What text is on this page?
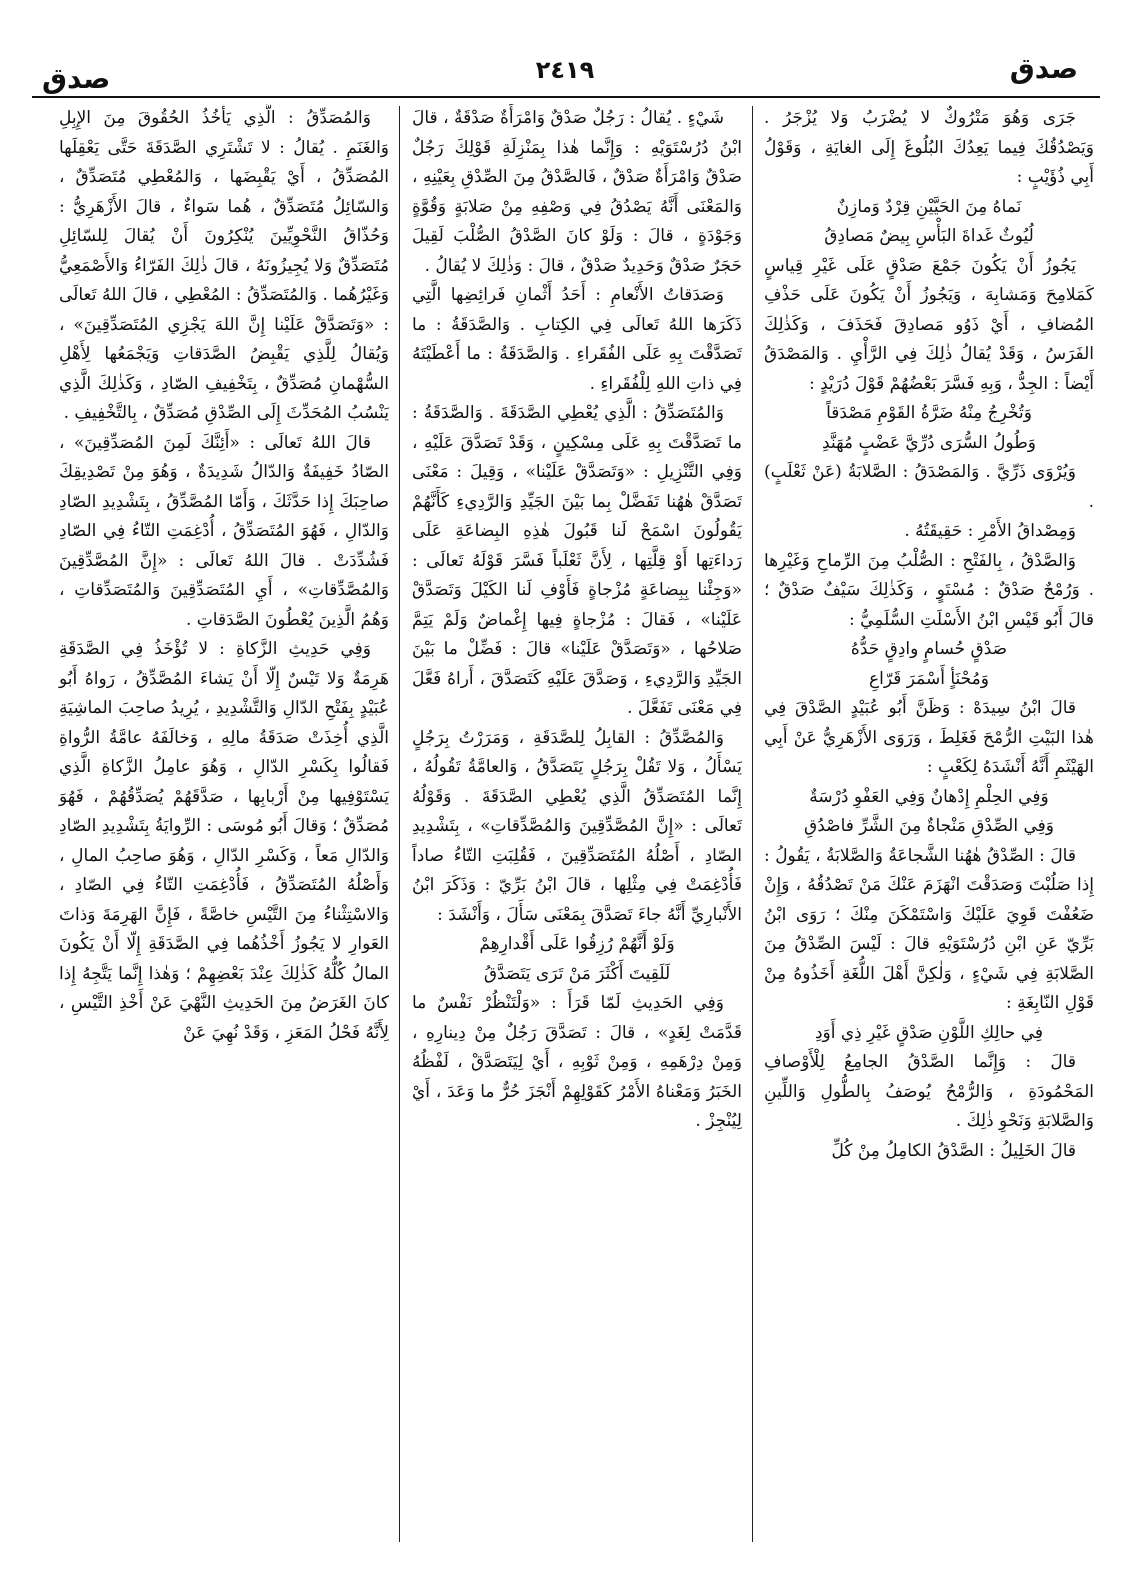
صدق	٢٤١٩	صدق

جَرَى وَهُوَ مَتْرُوكٌ لا يُضْرَبُ وَلا يُزْجَرُ . وَيَصْدُقُكَ فِيما يَعِدُكَ البُلُوغَ إِلَى الغايَةِ ، وَقَوْلُ أَبِي ذُؤَيْبٍ :

نَماهُ مِنَ الحَيَّيْنِ قِرْدٌ وَمازِنٌ

لُيُوثٌ غَداةَ البَأْسِ بِيضٌ مَصادِقُ

يَجُوزُ أَنْ يَكُونَ جَمْعَ صَدْقٍ عَلَى غَيْرِ قِياسٍ كَمَلامِحَ وَمَشابِهَ ، وَيَجُوزُ أَنْ يَكُونَ عَلَى حَذْفِ المُضافِ ، أَيْ ذَوُو مَصادِقَ فَحَذَفَ ، وَكَذٰلِكَ الفَرَسُ ، وَقَدْ يُقالُ ذٰلِكَ فِي الرَّأْيِ . وَالمَصْدَقُ أَيْضاً : الجِدُّ ، وَبِهِ فَسَّرَ بَعْضُهُمْ قَوْلَ دُرَيْدٍ :

وَتُخْرِجُ مِنْهُ ضَرَّةُ القَوْمِ مَصْدَقاً

وَطُولُ السُّرَى دُرِّيَّ عَضْبٍ مُهَنَّدِ

وَيُرْوَى ذَرِّيَّ . وَالمَصْدَقُ : الصَّلابَةُ (عَنْ ثَعْلَبٍ) .

وَمِصْداقُ الأَمْرِ : حَقِيقَتُهُ .

وَالصَّدْقُ ، بِالفَتْحِ : الصُّلْبُ مِنَ الرِّماحِ وَغَيْرِها . وَرُمْحٌ صَدْقٌ : مُسْتَوٍ ، وَكَذٰلِكَ سَيْفٌ صَدْقٌ ؛ قالَ أَبُو قَيْسِ ابْنُ الأَسْلَتِ السُّلَمِيُّ :

صَدْقٍ حُسامٍ وادِقٍ حَدُّهُ

وَمُحْنَأٍ أَسْمَرَ قَرّاعِ

قالَ ابْنُ سِيدَهْ : وَظَنَّ أَبُو عُبَيْدٍ الصَّدْقَ فِي هٰذا البَيْتِ الرُّمْحَ فَغَلِطَ ، وَرَوَى الأَزْهَرِيُّ عَنْ أَبِي الهَيْثَمِ أَنَّهُ أَنْشَدَهُ لِكَعْبٍ :

وَفِي الحِلْمِ إِدْهانٌ وَفِي العَفْوِ دُرْسَةٌ

وَفِي الصِّدْقِ مَنْجاةٌ مِنَ الشَّرِّ فاصْدُقِ

قالَ : الصِّدْقُ هٰهُنا الشَّجاعَةُ وَالصَّلابَةُ ، يَقُولُ : إِذا صَلُبْتَ وَصَدَقْتَ انْهَزَمَ عَنْكَ مَنْ تَصْدُقُهُ ، وَإِنْ ضَعُفْتَ قَوِيَ عَلَيْكَ وَاسْتَمْكَنَ مِنْكَ ؛ رَوَى ابْنُ بَرِّيّ عَنِ ابْنِ دُرُسْتَوَيْهِ قالَ : لَيْسَ الصِّدْقُ مِنَ الصَّلابَةِ فِي شَيْءٍ ، وَلٰكِنَّ أَهْلَ اللُّغَةِ أَخَذُوهُ مِنْ قَوْلِ النّابِغَةِ :

فِي حالِكِ اللَّوْنِ صَدْقٍ غَيْرِ ذِي أَوَدِ

قالَ : وَإِنَّما الصَّدْقُ الجامِعُ لِلْأَوْصافِ المَحْمُودَةِ ، وَالرُّمْحُ يُوصَفُ بِالطُّولِ وَاللِّينِ وَالصَّلابَةِ وَنَحْوِ ذٰلِكَ .

قالَ الخَلِيلُ : الصَّدْقُ الكامِلُ مِنْ كُلِّ

شَيْءٍ . يُقالُ : رَجُلٌ صَدْقٌ وَامْرَأَةٌ صَدْقَةٌ ، قالَ ابْنُ دُرُسْتَوَيْهِ : وَإِنَّما هٰذا بِمَنْزِلَةِ قَوْلِكَ رَجُلٌ صَدْقٌ وَامْرَأَةٌ صَدْقٌ ، فَالصَّدْقُ مِنَ الصِّدْقِ بِعَيْنِهِ ، وَالمَعْنَى أَنَّهُ يَصْدُقُ فِي وَصْفِهِ مِنْ صَلابَةٍ وَقُوَّةٍ وَجَوْدَةٍ ، قالَ : وَلَوْ كانَ الصَّدْقُ الصُّلْبَ لَقِيلَ حَجَرٌ صَدْقٌ وَحَدِيدٌ صَدْقٌ ، قالَ : وَذٰلِكَ لا يُقالُ .

وَصَدَقاتُ الأَنْعامِ : أَحَدُ أَثْمانِ فَرائِضِها الَّتِي ذَكَرَها اللهُ تَعالَى فِي الكِتابِ . وَالصَّدَقَةُ : ما تَصَدَّقْتَ بِهِ عَلَى الفُقَراءِ . وَالصَّدَقَةُ : ما أَعْطَيْتَهُ فِي ذاتِ اللهِ لِلْفُقَراءِ .

وَالمُتَصَدِّقُ : الَّذِي يُعْطِي الصَّدَقَةَ . وَالصَّدَقَةُ : ما تَصَدَّقْتَ بِهِ عَلَى مِسْكِينٍ ، وَقَدْ تَصَدَّقَ عَلَيْهِ ، وَفِي التَّنْزِيلِ : «وَتَصَدَّقْ عَلَيْنا» ، وَقِيلَ : مَعْنَى تَصَدَّقْ هٰهُنا تَفَضَّلْ بِما بَيْنَ الجَيِّدِ وَالرَّدِيءِ كَأَنَّهُمْ يَقُولُونَ اسْمَحْ لَنا قَبُولَ هٰذِهِ البِضاعَةِ عَلَى رَداءَتِها أَوْ قِلَّتِها ، لِأَنَّ ثَعْلَباً فَسَّرَ قَوْلَهُ تَعالَى : «وَجِئْنا بِبِضاعَةٍ مُزْجاةٍ فَأَوْفِ لَنا الكَيْلَ وَتَصَدَّقْ عَلَيْنا» ، فَقالَ : مُزْجاةٍ فِيها إِغْماضٌ وَلَمْ يَتِمَّ صَلاحُها ، «وَتَصَدَّقْ عَلَيْنا» قالَ : فَضِّلْ ما بَيْنَ الجَيِّدِ وَالرَّدِيءِ ، وَصَدَّقَ عَلَيْهِ كَتَصَدَّقَ ، أَراهُ فَعَّلَ فِي مَعْنَى تَفَعَّلَ .

وَالمُصَّدِّقُ : القابِلُ لِلصَّدَقَةِ ، وَمَرَرْتُ بِرَجُلٍ يَسْأَلُ ، وَلا تَقُلْ بِرَجُلٍ يَتَصَدَّقُ ، وَالعامَّةُ تَقُولُهُ ، إِنَّما المُتَصَدِّقُ الَّذِي يُعْطِي الصَّدَقَةَ . وَقَوْلُهُ تَعالَى : «إِنَّ المُصَّدِّقِينَ وَالمُصَّدِّقاتِ» ، بِتَشْدِيدِ الصّادِ ، أَصْلُهُ المُتَصَدِّقِينَ ، فَقُلِبَتِ التّاءُ صاداً فَأُدْغِمَتْ فِي مِثْلِها ، قالَ ابْنُ بَرِّيّ : وَذَكَرَ ابْنُ الأَنْبارِيِّ أَنَّهُ جاءَ تَصَدَّقَ بِمَعْنَى سَأَلَ ، وَأَنْشَدَ :

وَلَوْ أَنَّهُمْ رُزِقُوا عَلَى أَقْدارِهِمْ

لَلَقِيتَ أَكْثَرَ مَنْ تَرَى يَتَصَدَّقُ

وَفِي الحَدِيثِ لَمّا قَرَأَ : «وَلْتَنْظُرْ نَفْسٌ ما قَدَّمَتْ لِغَدٍ» ، قالَ : تَصَدَّقَ رَجُلٌ مِنْ دِينارِهِ ، وَمِنْ دِرْهَمِهِ ، وَمِنْ ثَوْبِهِ ، أَيْ لِيَتَصَدَّقْ ، لَفْظُهُ الخَبَرُ وَمَعْناهُ الأَمْرُ كَقَوْلِهِمْ أَنْجَزَ حُرٌّ ما وَعَدَ ، أَيْ لِيُنْجِزْ .

وَالمُصَدِّقُ : الَّذِي يَأْخُذُ الحُقُوقَ مِنَ الإِبِلِ وَالغَنَمِ . يُقالُ : لا تَشْتَرِي الصَّدَقَةَ حَتَّى يَعْقِلَها المُصَدِّقُ ، أَيْ يَقْبِضَها ، وَالمُعْطِي مُتَصَدِّقٌ ، وَالسّائِلُ مُتَصَدِّقٌ ، هُما سَواءٌ ، قالَ الأَزْهَرِيُّ : وَحُذّاقُ النَّحْوِيِّينَ يُنْكِرُونَ أَنْ يُقالَ لِلسّائِلِ مُتَصَدِّقٌ وَلا يُجِيزُونَهُ ، قالَ ذٰلِكَ الفَرّاءُ وَالأَصْمَعِيُّ وَغَيْرُهُما . وَالمُتَصَدِّقُ : المُعْطِي ، قالَ اللهُ تَعالَى : «وَتَصَدَّقْ عَلَيْنا إِنَّ اللهَ يَجْزِي المُتَصَدِّقِينَ» ، وَيُقالُ لِلَّذِي يَقْبِضُ الصَّدَقاتِ وَيَجْمَعُها لِأَهْلِ السُّهْمانِ مُصَدِّقٌ ، بِتَخْفِيفِ الصّادِ ، وَكَذٰلِكَ الَّذِي يَنْسُبُ المُحَدِّثَ إِلَى الصِّدْقِ مُصَدِّقٌ ، بِالتَّخْفِيفِ .

قالَ اللهُ تَعالَى : «أَئِنَّكَ لَمِنَ المُصَدِّقِينَ» ، الصّادُ خَفِيفَةٌ وَالدّالُ شَدِيدَةٌ ، وَهُوَ مِنْ تَصْدِيقِكَ صاحِبَكَ إِذا حَدَّثَكَ ، وَأَمّا المُصَّدِّقُ ، بِتَشْدِيدِ الصّادِ وَالدّالِ ، فَهُوَ المُتَصَدِّقُ ، أُدْغِمَتِ التّاءُ فِي الصّادِ فَشُدِّدَتْ . قالَ اللهُ تَعالَى : «إِنَّ المُصَّدِّقِينَ وَالمُصَّدِّقاتِ» ، أَيِ المُتَصَدِّقِينَ وَالمُتَصَدِّقاتِ ، وَهُمُ الَّذِينَ يُعْطُونَ الصَّدَقاتِ .

وَفِي حَدِيثِ الزَّكاةِ : لا تُؤْخَذُ فِي الصَّدَقَةِ هَرِمَةٌ وَلا تَيْسٌ إِلّا أَنْ يَشاءَ المُصَّدِّقُ ، رَواهُ أَبُو عُبَيْدٍ بِفَتْحِ الدّالِ وَالتَّشْدِيدِ ، يُرِيدُ صاحِبَ الماشِيَةِ الَّذِي أُخِذَتْ صَدَقَةُ مالِهِ ، وَخالَفَهُ عامَّةُ الرُّواةِ فَقالُوا بِكَسْرِ الدّالِ ، وَهُوَ عامِلُ الزَّكاةِ الَّذِي يَسْتَوْفِيها مِنْ أَرْبابِها ، صَدَّقَهُمْ يُصَدِّقُهُمْ ، فَهُوَ مُصَدِّقٌ ؛ وَقالَ أَبُو مُوسَى : الرِّوايَةُ بِتَشْدِيدِ الصّادِ وَالدّالِ مَعاً ، وَكَسْرِ الدّالِ ، وَهُوَ صاحِبُ المالِ ، وَأَصْلُهُ المُتَصَدِّقُ ، فَأُدْغِمَتِ التّاءُ فِي الصّادِ ، وَالاسْتِثْناءُ مِنَ التَّيْسِ خاصَّةً ، فَإِنَّ الهَرِمَةَ وَذاتَ العَوارِ لا يَجُوزُ أَخْذُهُما فِي الصَّدَقَةِ إِلّا أَنْ يَكُونَ المالُ كُلُّهُ كَذٰلِكَ عِنْدَ بَعْضِهِمْ ؛ وَهٰذا إِنَّما يَتَّجِهُ إِذا كانَ الغَرَضُ مِنَ الحَدِيثِ النَّهْيَ عَنْ أَخْذِ التَّيْسِ ، لِأَنَّهُ فَحْلُ المَعَزِ ، وَقَدْ نُهِيَ عَنْ
